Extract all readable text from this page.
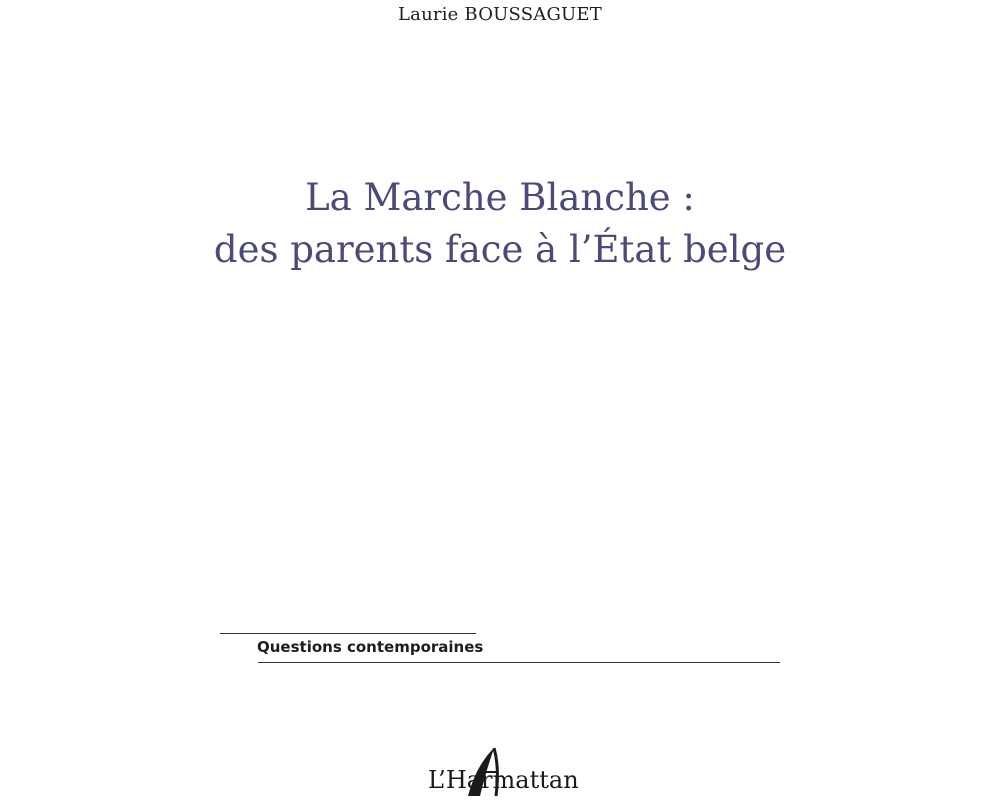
Laurie BOUSSAGUET
La Marche Blanche :
des parents face à l’État belge
Questions contemporaines
L’Harmattan
